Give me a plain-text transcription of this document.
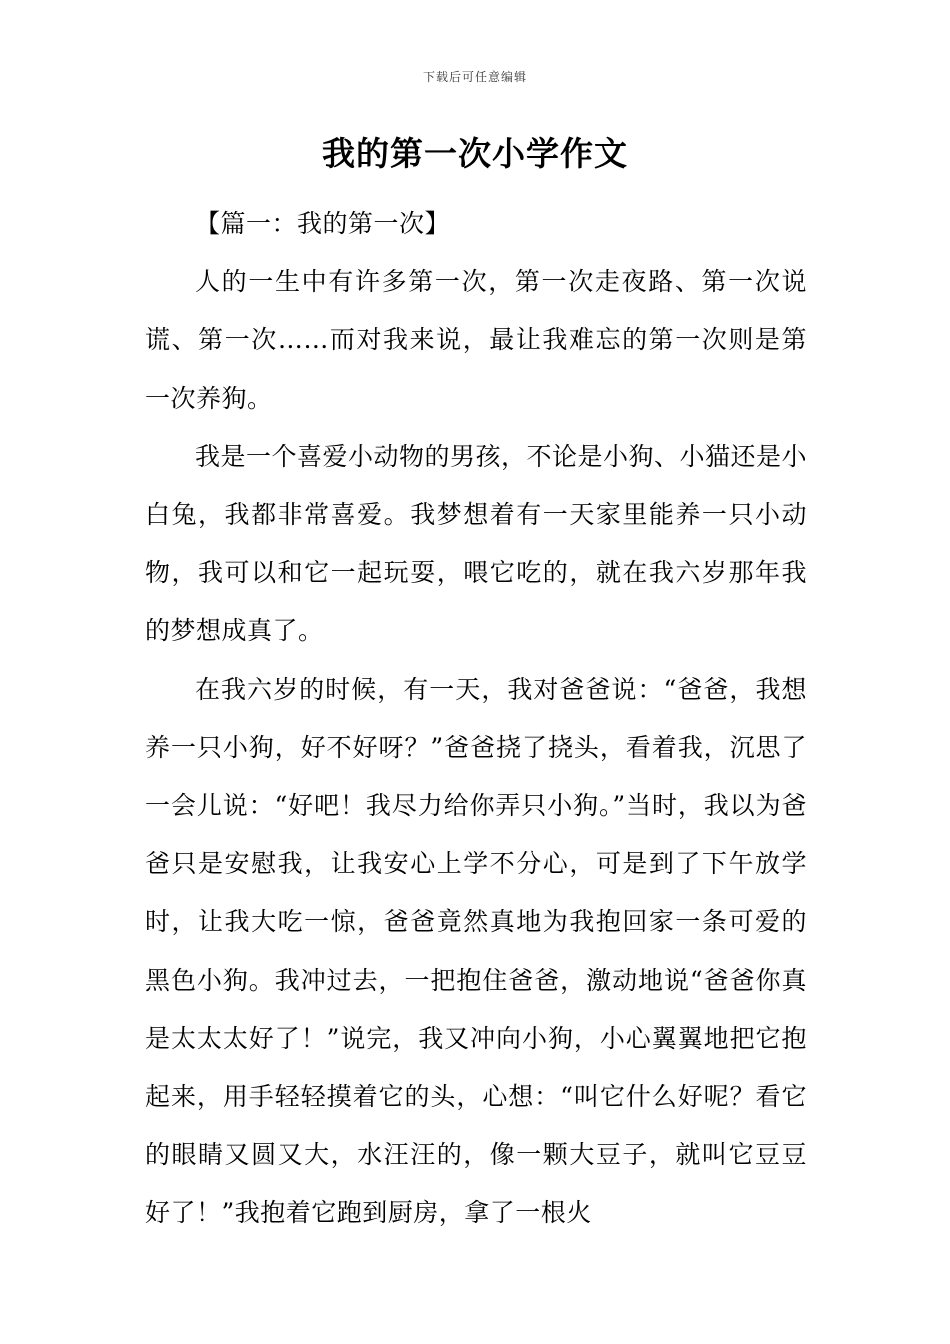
下载后可任意编辑
我的第一次小学作文

【篇一：我的第一次】

人的一生中有许多第一次，第一次走夜路、第一次说谎、第一次……而对我来说，最让我难忘的第一次则是第一次养狗。

我是一个喜爱小动物的男孩，不论是小狗、小猫还是小白兔，我都非常喜爱。我梦想着有一天家里能养一只小动物，我可以和它一起玩耍，喂它吃的，就在我六岁那年我的梦想成真了。

在我六岁的时候，有一天，我对爸爸说：“爸爸，我想养一只小狗，好不好呀？”爸爸挠了挠头，看着我，沉思了一会儿说：“好吧！我尽力给你弄只小狗。”当时，我以为爸爸只是安慰我，让我安心上学不分心，可是到了下午放学时，让我大吃一惊，爸爸竟然真地为我抱回家一条可爱的黑色小狗。我冲过去，一把抱住爸爸，激动地说“爸爸你真是太太太好了！”说完，我又冲向小狗，小心翼翼地把它抱起来，用手轻轻摸着它的头，心想：“叫它什么好呢？看它的眼睛又圆又大，水汪汪的，像一颗大豆子，就叫它豆豆好了！”我抱着它跑到厨房，拿了一根火
